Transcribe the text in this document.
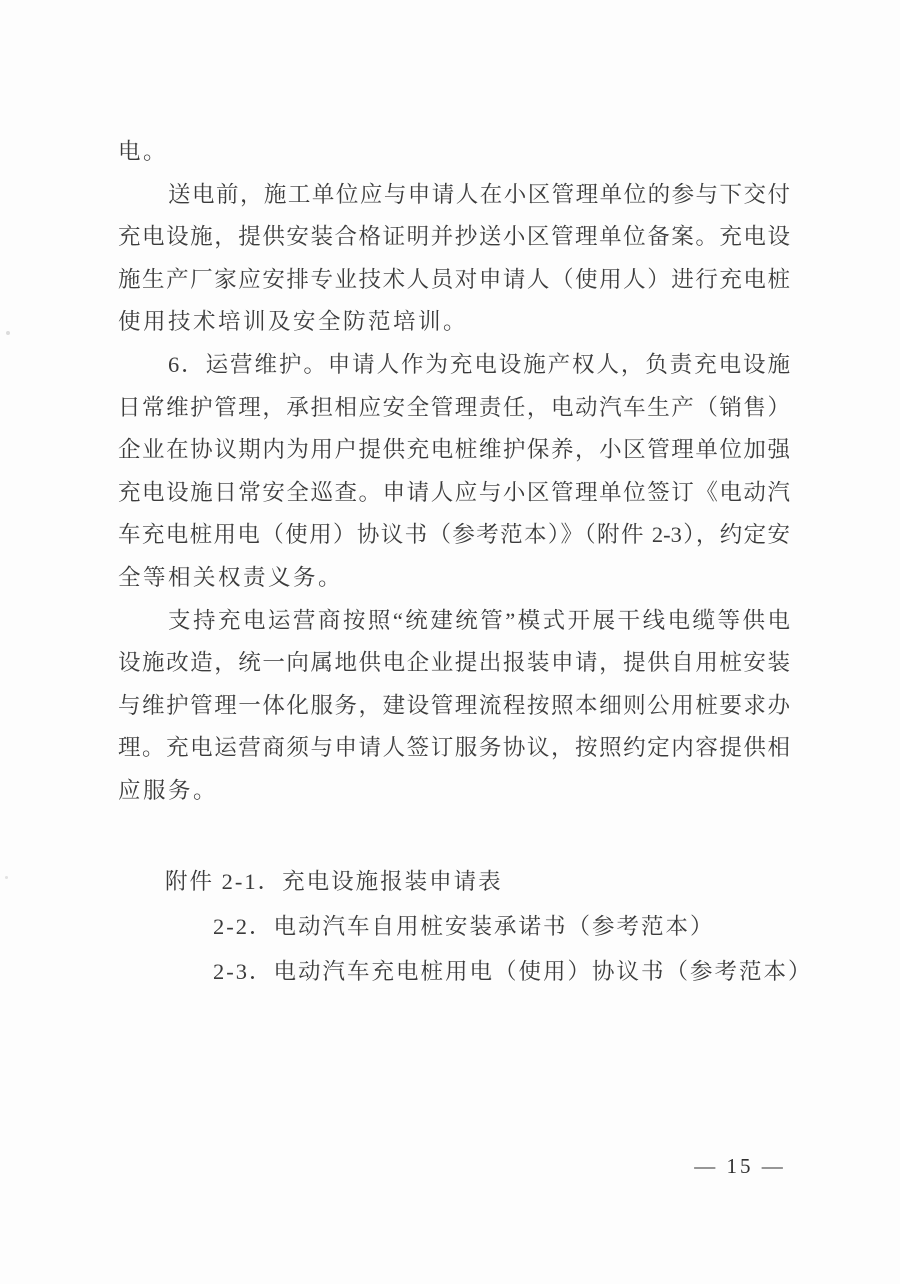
电。
送电前，施工单位应与申请人在小区管理单位的参与下交付
充电设施，提供安装合格证明并抄送小区管理单位备案。充电设
施生产厂家应安排专业技术人员对申请人（使用人）进行充电桩
使用技术培训及安全防范培训。
6．运营维护。申请人作为充电设施产权人，负责充电设施
日常维护管理，承担相应安全管理责任，电动汽车生产（销售）
企业在协议期内为用户提供充电桩维护保养，小区管理单位加强
充电设施日常安全巡查。申请人应与小区管理单位签订《电动汽
车充电桩用电（使用）协议书（参考范本）》（附件 2-3），约定安
全等相关权责义务。
支持充电运营商按照“统建统管”模式开展干线电缆等供电
设施改造，统一向属地供电企业提出报装申请，提供自用桩安装
与维护管理一体化服务，建设管理流程按照本细则公用桩要求办
理。充电运营商须与申请人签订服务协议，按照约定内容提供相
应服务。
附件 2-1．充电设施报装申请表
2-2．电动汽车自用桩安装承诺书（参考范本）
2-3．电动汽车充电桩用电（使用）协议书（参考范本）
— 15 —
